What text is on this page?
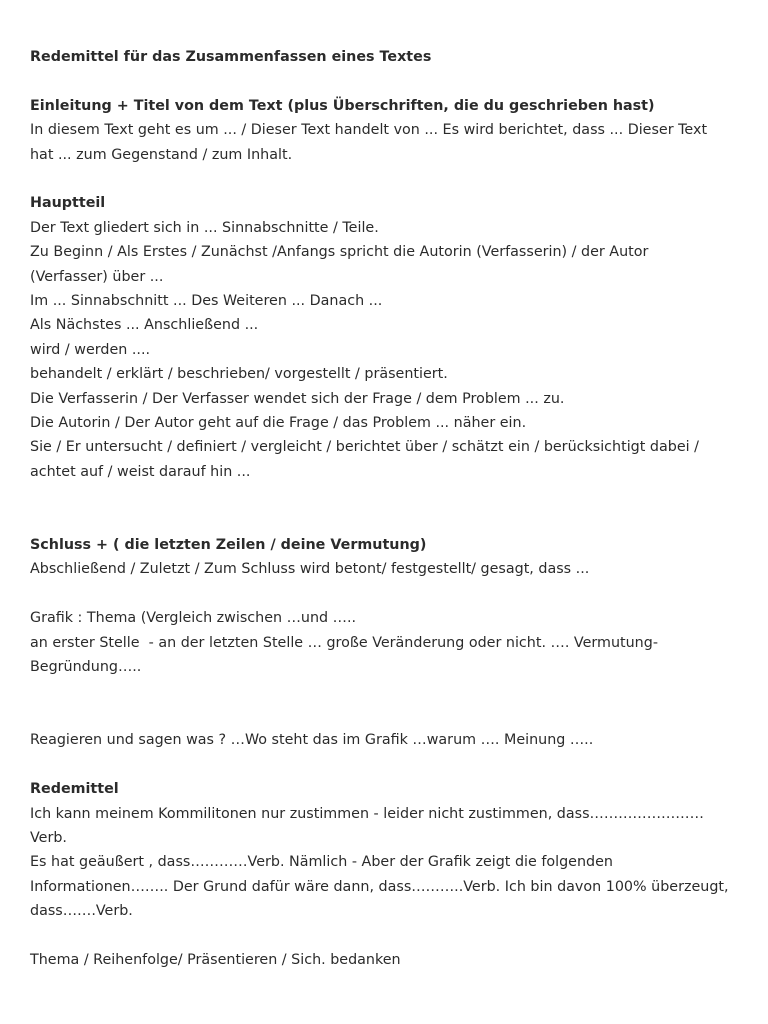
Redemittel für das Zusammenfassen eines Textes

Einleitung + Titel von dem Text (plus Überschriften, die du geschrieben hast)

In diesem Text geht es um ... / Dieser Text handelt von ... Es wird berichtet, dass ... Dieser Text

hat ... zum Gegenstand / zum Inhalt.

Hauptteil

Der Text gliedert sich in ... Sinnabschnitte / Teile.

Zu Beginn / Als Erstes / Zunächst /Anfangs spricht die Autorin (Verfasserin) / der Autor

(Verfasser) über ...

Im ... Sinnabschnitt ... Des Weiteren ... Danach ...

Als Nächstes ... Anschließend ...

wird / werden ....

behandelt / erklärt / beschrieben/ vorgestellt / präsentiert.

Die Verfasserin / Der Verfasser wendet sich der Frage / dem Problem ... zu.

Die Autorin / Der Autor geht auf die Frage / das Problem ... näher ein.

Sie / Er untersucht / definiert / vergleicht / berichtet über / schätzt ein / berücksichtigt dabei /

achtet auf / weist darauf hin ...

Schluss + ( die letzten Zeilen / deine Vermutung)

Abschließend / Zuletzt / Zum Schluss wird betont/ festgestellt/ gesagt, dass ...

Grafik : Thema (Vergleich zwischen …und …..

an erster Stelle  - an der letzten Stelle … große Veränderung oder nicht. …. Vermutung-

Begründung…..

Reagieren und sagen was ? …Wo steht das im Grafik …warum …. Meinung …..

Redemittel

Ich kann meinem Kommilitonen nur zustimmen - leider nicht zustimmen, dass……………………Verb.

Es hat geäußert , dass…………Verb. Nämlich - Aber der Grafik zeigt die folgenden

Informationen…….. Der Grund dafür wäre dann, dass………..Verb. Ich bin davon 100% überzeugt,

dass…….Verb.

Thema / Reihenfolge/ Präsentieren / Sich. bedanken
